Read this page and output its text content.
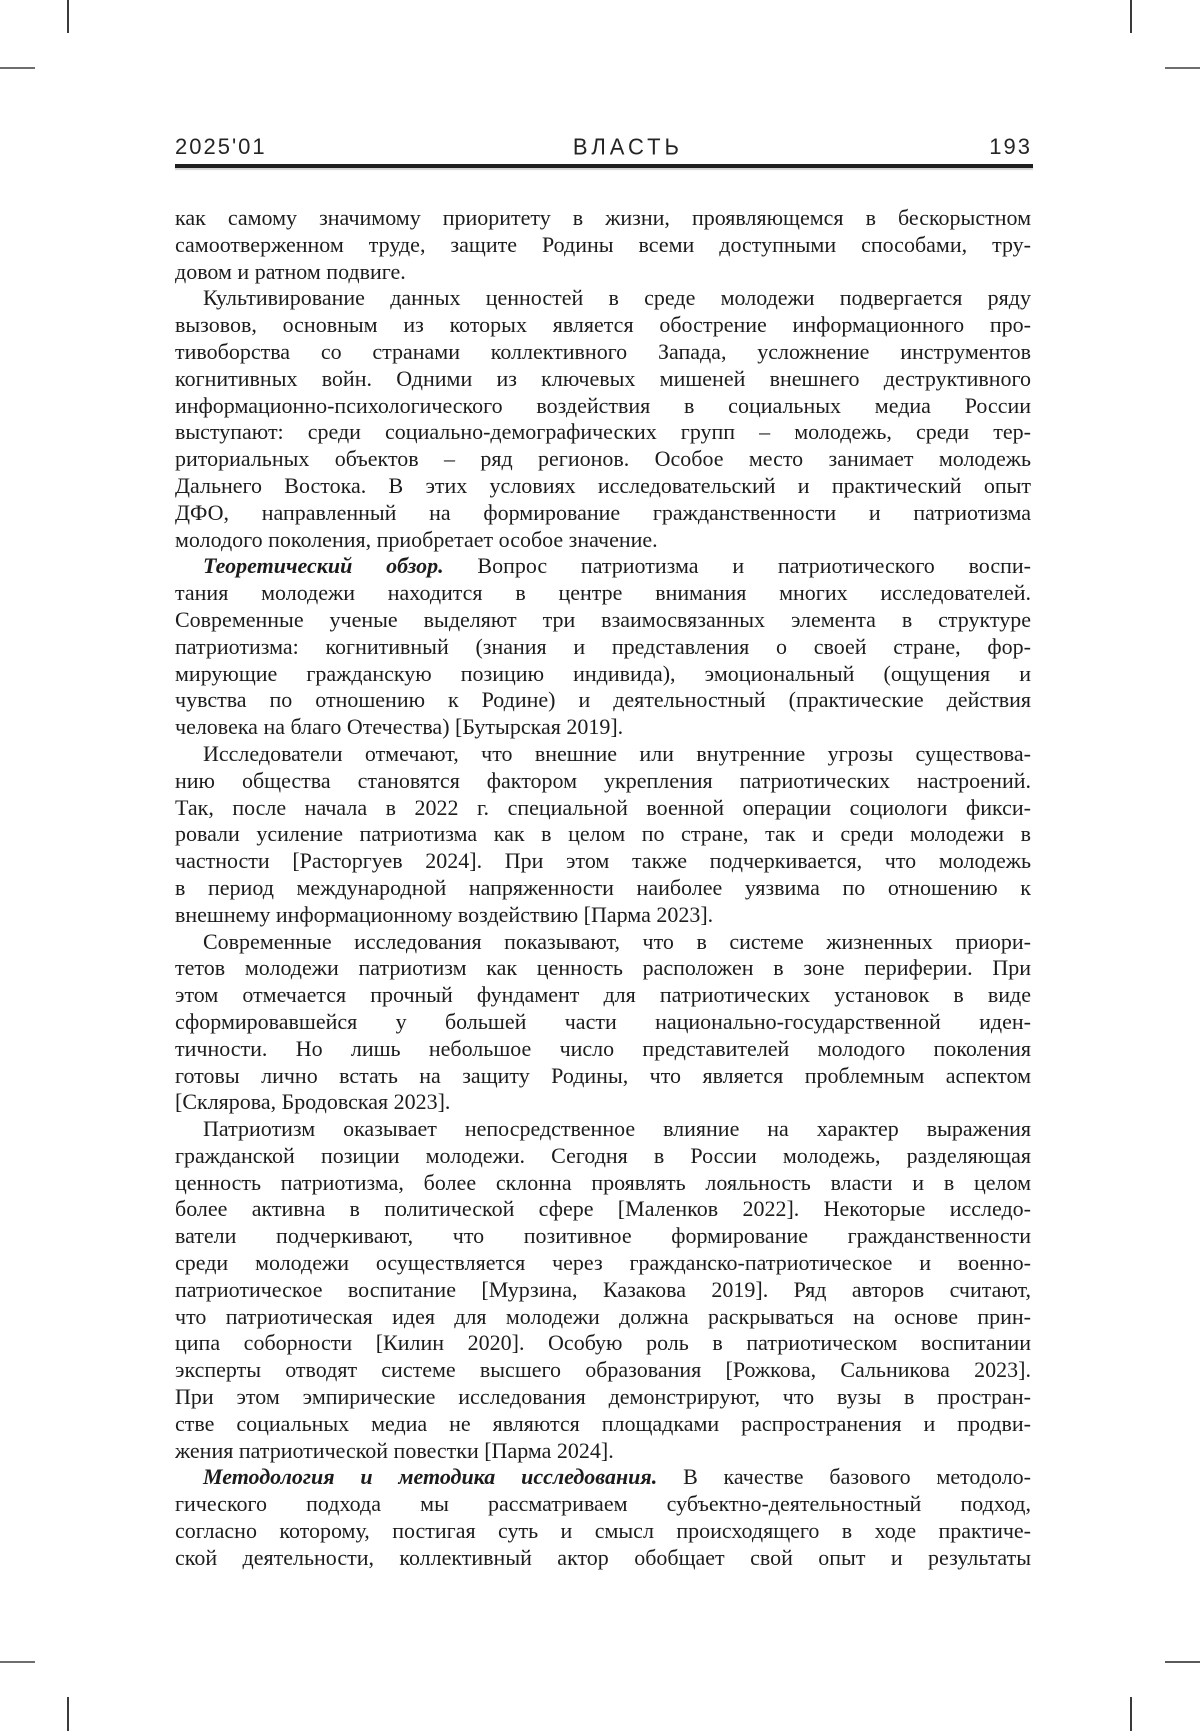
2025'01	ВЛАСТЬ	193
как самому значимому приоритету в жизни, проявляющемся в бескорыстном
самоотверженном труде, защите Родины всеми доступными способами, тру-
довом и ратном подвиге.
Культивирование данных ценностей в среде молодежи подвергается ряду
вызовов, основным из которых является обострение информационного про-
тивоборства со странами коллективного Запада, усложнение инструментов
когнитивных войн. Одними из ключевых мишеней внешнего деструктивного
информационно-психологического воздействия в социальных медиа России
выступают: среди социально-демографических групп – молодежь, среди тер-
риториальных объектов – ряд регионов. Особое место занимает молодежь
Дальнего Востока. В этих условиях исследовательский и практический опыт
ДФО, направленный на формирование гражданственности и патриотизма
молодого поколения, приобретает особое значение.
Теоретический обзор. Вопрос патриотизма и патриотического воспи-
тания молодежи находится в центре внимания многих исследователей.
Современные ученые выделяют три взаимосвязанных элемента в структуре
патриотизма: когнитивный (знания и представления о своей стране, фор-
мирующие гражданскую позицию индивида), эмоциональный (ощущения и
чувства по отношению к Родине) и деятельностный (практические действия
человека на благо Отечества) [Бутырская 2019].
Исследователи отмечают, что внешние или внутренние угрозы существова-
нию общества становятся фактором укрепления патриотических настроений.
Так, после начала в 2022 г. специальной военной операции социологи фикси-
ровали усиление патриотизма как в целом по стране, так и среди молодежи в
частности [Расторгуев 2024]. При этом также подчеркивается, что молодежь
в период международной напряженности наиболее уязвима по отношению к
внешнему информационному воздействию [Парма 2023].
Современные исследования показывают, что в системе жизненных приори-
тетов молодежи патриотизм как ценность расположен в зоне периферии. При
этом отмечается прочный фундамент для патриотических установок в виде
сформировавшейся у большей части национально-государственной иден-
тичности. Но лишь небольшое число представителей молодого поколения
готовы лично встать на защиту Родины, что является проблемным аспектом
[Склярова, Бродовская 2023].
Патриотизм оказывает непосредственное влияние на характер выражения
гражданской позиции молодежи. Сегодня в России молодежь, разделяющая
ценность патриотизма, более склонна проявлять лояльность власти и в целом
более активна в политической сфере [Маленков 2022]. Некоторые исследо-
ватели подчеркивают, что позитивное формирование гражданственности
среди молодежи осуществляется через гражданско-патриотическое и военно-
патриотическое воспитание [Мурзина, Казакова 2019]. Ряд авторов считают,
что патриотическая идея для молодежи должна раскрываться на основе прин-
ципа соборности [Килин 2020]. Особую роль в патриотическом воспитании
эксперты отводят системе высшего образования [Рожкова, Сальникова 2023].
При этом эмпирические исследования демонстрируют, что вузы в простран-
стве социальных медиа не являются площадками распространения и продви-
жения патриотической повестки [Парма 2024].
Методология и методика исследования. В качестве базового методоло-
гического подхода мы рассматриваем субъектно-деятельностный подход,
согласно которому, постигая суть и смысл происходящего в ходе практиче-
ской деятельности, коллективный актор обобщает свой опыт и результаты
